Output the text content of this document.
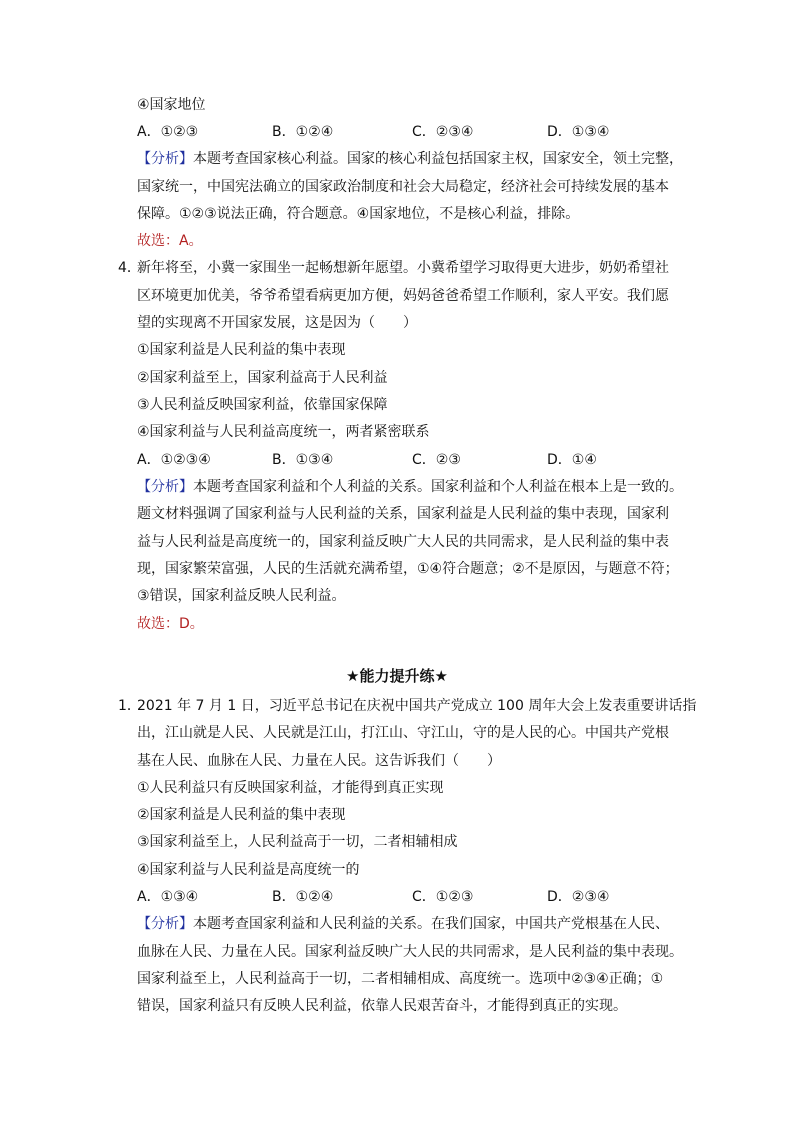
④国家地位
A．①②③	B．①②④	C．②③④	D．①③④
【分析】本题考查国家核心利益。国家的核心利益包括国家主权，国家安全，领土完整，
国家统一，中国宪法确立的国家政治制度和社会大局稳定，经济社会可持续发展的基本
保障。①②③说法正确，符合题意。④国家地位，不是核心利益，排除。
故选：A。
4．
新年将至，小冀一家围坐一起畅想新年愿望。小冀希望学习取得更大进步，奶奶希望社
区环境更加优美，爷爷希望看病更加方便，妈妈爸爸希望工作顺利，家人平安。我们愿
望的实现离不开国家发展，这是因为（　　）
①国家利益是人民利益的集中表现
②国家利益至上，国家利益高于人民利益
③人民利益反映国家利益，依靠国家保障
④国家利益与人民利益高度统一，两者紧密联系
A．①②③④	B．①③④	C．②③	D．①④
【分析】本题考查国家利益和个人利益的关系。国家利益和个人利益在根本上是一致的。
题文材料强调了国家利益与人民利益的关系，国家利益是人民利益的集中表现，国家利
益与人民利益是高度统一的，国家利益反映广大人民的共同需求，是人民利益的集中表
现，国家繁荣富强，人民的生活就充满希望，①④符合题意；②不是原因，与题意不符；
③错误，国家利益反映人民利益。
故选：D。
★能力提升练★
1．
2021 年 7 月 1 日，习近平总书记在庆祝中国共产党成立 100 周年大会上发表重要讲话指
出，江山就是人民、人民就是江山，打江山、守江山，守的是人民的心。中国共产党根
基在人民、血脉在人民、力量在人民。这告诉我们（　　）
①人民利益只有反映国家利益，才能得到真正实现
②国家利益是人民利益的集中表现
③国家利益至上，人民利益高于一切，二者相辅相成
④国家利益与人民利益是高度统一的
A．①③④	B．①②④	C．①②③	D．②③④
【分析】本题考查国家利益和人民利益的关系。在我们国家，中国共产党根基在人民、
血脉在人民、力量在人民。国家利益反映广大人民的共同需求，是人民利益的集中表现。
国家利益至上，人民利益高于一切，二者相辅相成、高度统一。选项中②③④正确；①
错误，国家利益只有反映人民利益，依靠人民艰苦奋斗，才能得到真正的实现。
